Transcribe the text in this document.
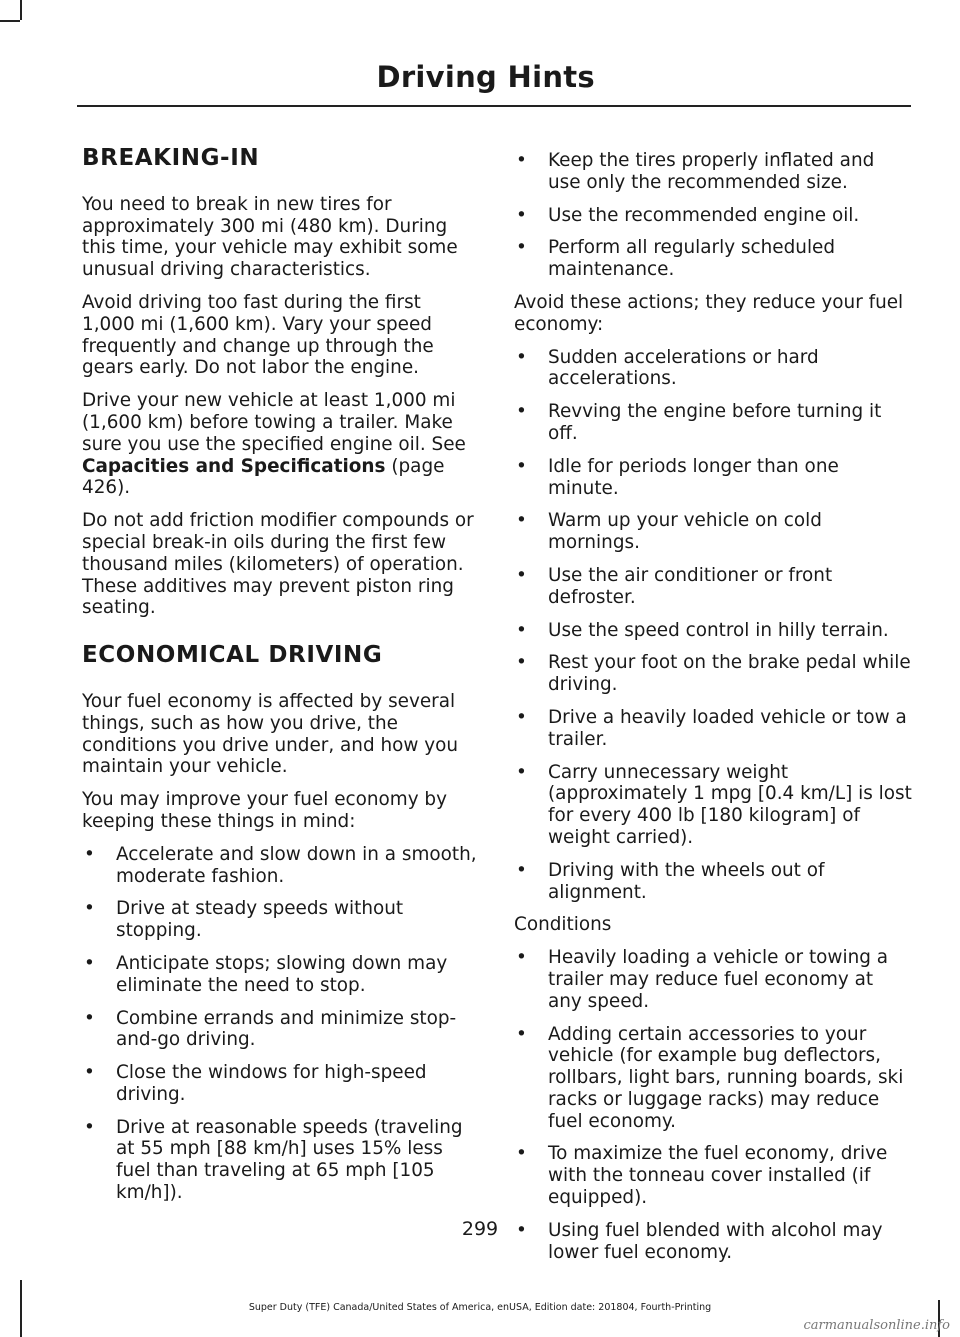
Driving Hints
BREAKING-IN

You need to break in new tires for approximately 300 mi (480 km). During this time, your vehicle may exhibit some unusual driving characteristics.

Avoid driving too fast during the first 1,000 mi (1,600 km). Vary your speed frequently and change up through the gears early. Do not labor the engine.

Drive your new vehicle at least 1,000 mi (1,600 km) before towing a trailer. Make sure you use the specified engine oil. See Capacities and Specifications (page 426).

Do not add friction modifier compounds or special break-in oils during the first few thousand miles (kilometers) of operation. These additives may prevent piston ring seating.

ECONOMICAL DRIVING

Your fuel economy is affected by several things, such as how you drive, the conditions you drive under, and how you maintain your vehicle.

You may improve your fuel economy by keeping these things in mind:

• Accelerate and slow down in a smooth, moderate fashion.
• Drive at steady speeds without stopping.
• Anticipate stops; slowing down may eliminate the need to stop.
• Combine errands and minimize stop-and-go driving.
• Close the windows for high-speed driving.
• Drive at reasonable speeds (traveling at 55 mph [88 km/h] uses 15% less fuel than traveling at 65 mph [105 km/h]).
• Keep the tires properly inflated and use only the recommended size.
• Use the recommended engine oil.
• Perform all regularly scheduled maintenance.

Avoid these actions; they reduce your fuel economy:

• Sudden accelerations or hard accelerations.
• Revving the engine before turning it off.
• Idle for periods longer than one minute.
• Warm up your vehicle on cold mornings.
• Use the air conditioner or front defroster.
• Use the speed control in hilly terrain.
• Rest your foot on the brake pedal while driving.
• Drive a heavily loaded vehicle or tow a trailer.
• Carry unnecessary weight (approximately 1 mpg [0.4 km/L] is lost for every 400 lb [180 kilogram] of weight carried).
• Driving with the wheels out of alignment.

Conditions

• Heavily loading a vehicle or towing a trailer may reduce fuel economy at any speed.
• Adding certain accessories to your vehicle (for example bug deflectors, rollbars, light bars, running boards, ski racks or luggage racks) may reduce fuel economy.
• To maximize the fuel economy, drive with the tonneau cover installed (if equipped).
• Using fuel blended with alcohol may lower fuel economy.
299
Super Duty (TFE) Canada/United States of America, enUSA, Edition date: 201804, Fourth-Printing
carmanualsonline.info
